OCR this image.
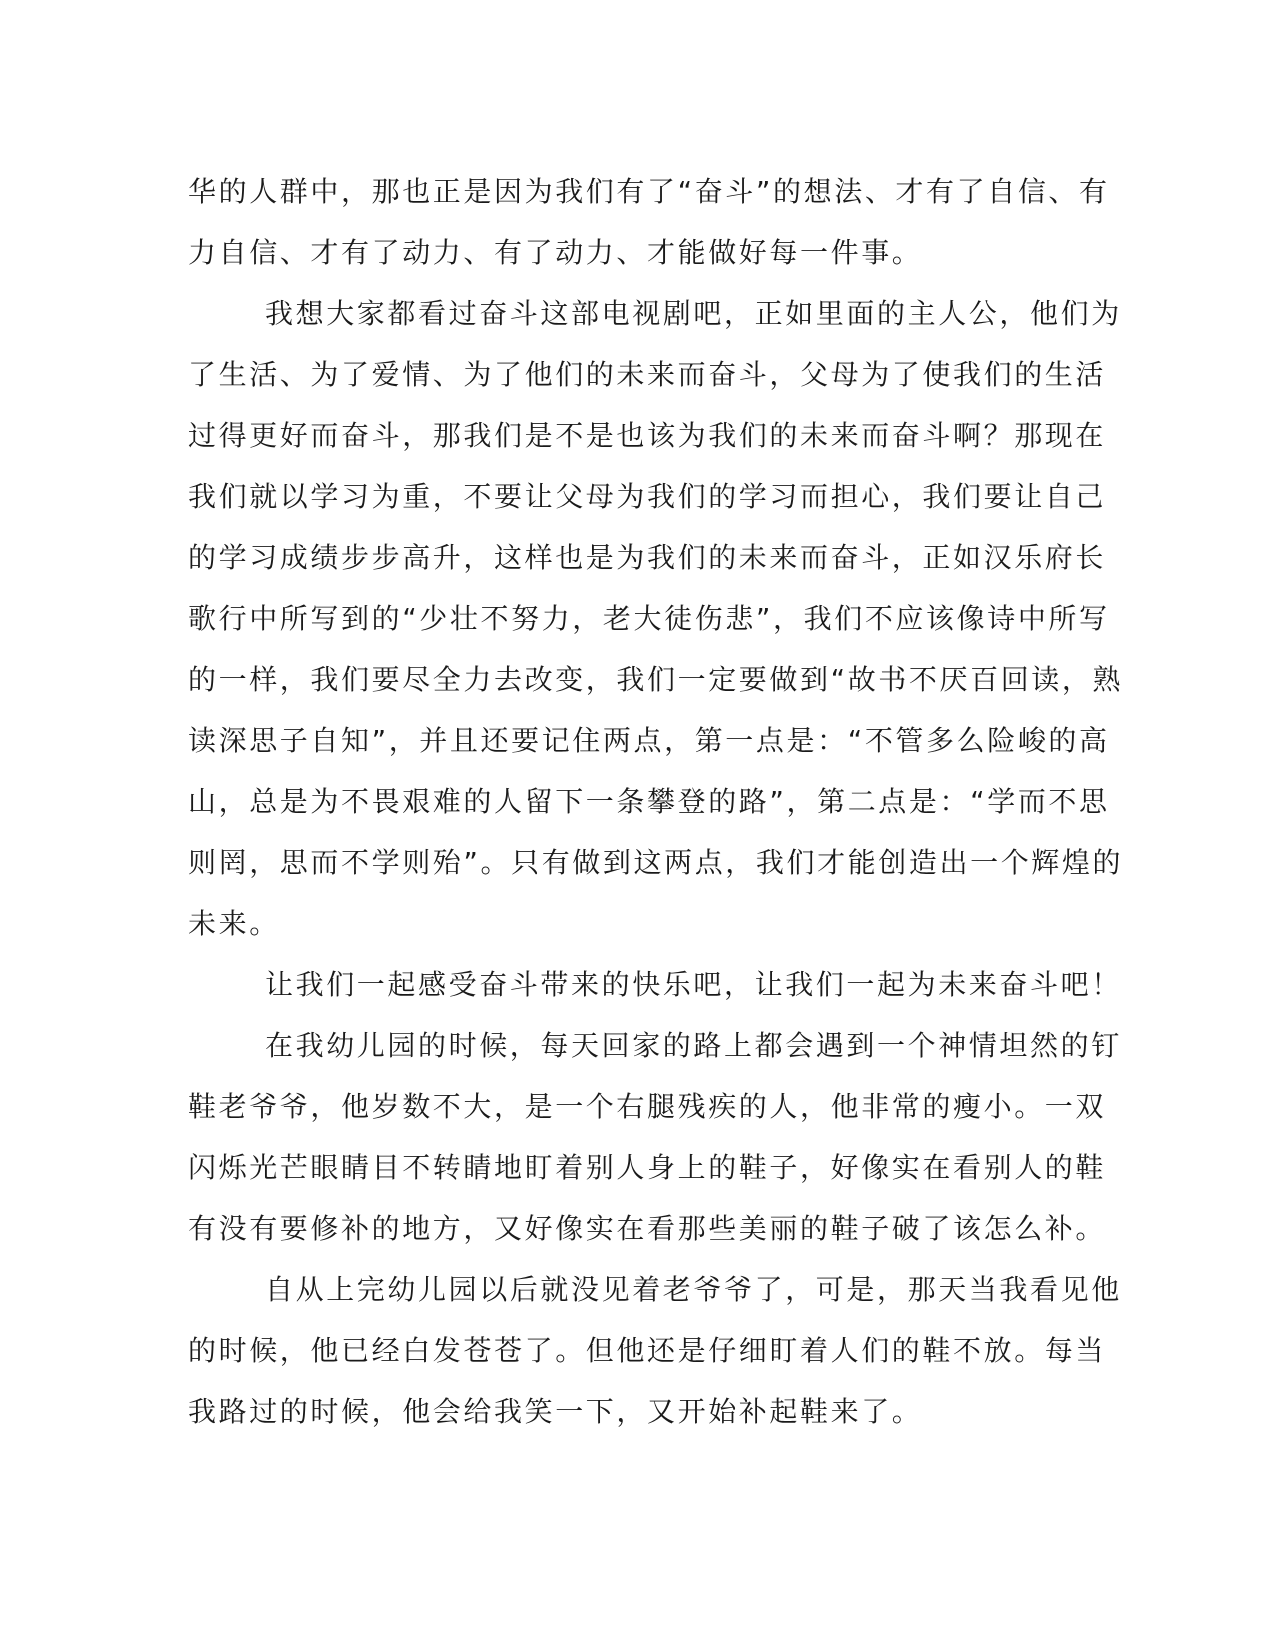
华的人群中，那也正是因为我们有了“奋斗”的想法、才有了自信、有
力自信、才有了动力、有了动力、才能做好每一件事。
我想大家都看过奋斗这部电视剧吧，正如里面的主人公，他们为
了生活、为了爱情、为了他们的未来而奋斗，父母为了使我们的生活
过得更好而奋斗，那我们是不是也该为我们的未来而奋斗啊？那现在
我们就以学习为重，不要让父母为我们的学习而担心，我们要让自己
的学习成绩步步高升，这样也是为我们的未来而奋斗，正如汉乐府长
歌行中所写到的“少壮不努力，老大徒伤悲”，我们不应该像诗中所写
的一样，我们要尽全力去改变，我们一定要做到“故书不厌百回读，熟
读深思子自知”，并且还要记住两点，第一点是：“不管多么险峻的高
山，总是为不畏艰难的人留下一条攀登的路”，第二点是：“学而不思
则罔，思而不学则殆”。只有做到这两点，我们才能创造出一个辉煌的
未来。
让我们一起感受奋斗带来的快乐吧，让我们一起为未来奋斗吧！
在我幼儿园的时候，每天回家的路上都会遇到一个神情坦然的钉
鞋老爷爷，他岁数不大，是一个右腿残疾的人，他非常的瘦小。一双
闪烁光芒眼睛目不转睛地盯着别人身上的鞋子，好像实在看别人的鞋
有没有要修补的地方，又好像实在看那些美丽的鞋子破了该怎么补。
自从上完幼儿园以后就没见着老爷爷了，可是，那天当我看见他
的时候，他已经白发苍苍了。但他还是仔细盯着人们的鞋不放。每当
我路过的时候，他会给我笑一下，又开始补起鞋来了。
